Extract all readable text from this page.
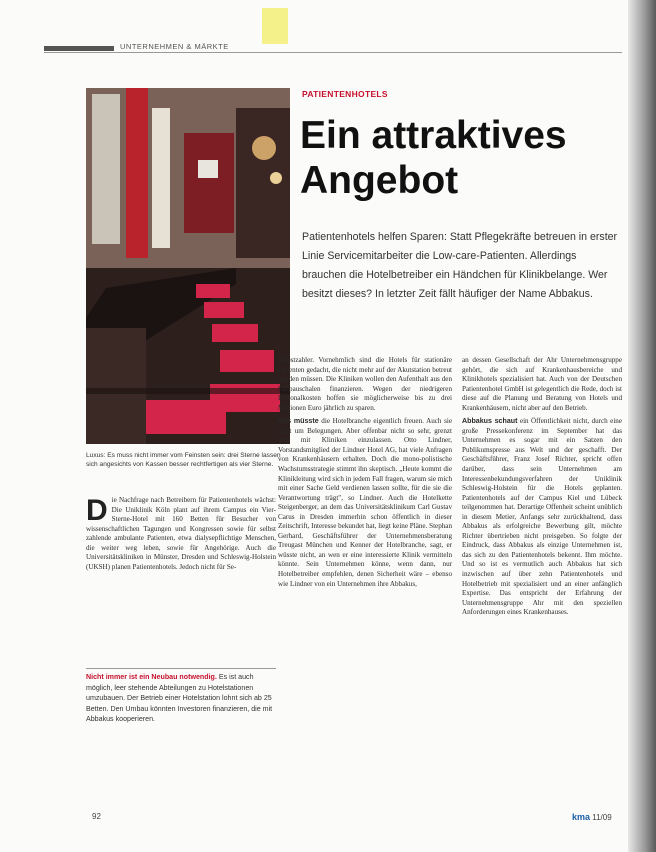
UNTERNEHMEN & MÄRKTE
Luxus: Es muss nicht immer vom Feinsten sein: drei Sterne lassen sich angesichts von Kassen besser rechtfertigen als vier Sterne.
PATIENTENHOTELS
Ein attraktives
Angebot
Patientenhotels helfen Sparen: Statt Pflegekräfte betreuen in erster Linie Servicemitarbeiter die Low-care-Patienten. Allerdings brauchen die Hotelbetreiber ein Händchen für Klinikbelange. Wer besitzt dieses? In letzter Zeit fällt häufiger der Name Abbakus.

Die Nachfrage nach Betreibern für Patientenhotels wächst: Die Uniklinik Köln plant auf ihrem Campus ein Vier-Sterne-Hotel mit 160 Betten für Besucher von wissenschaftlichen Tagungen und Kongressen sowie für selbst zahlende ambulante Patienten, etwa dialysepflichtige Menschen, die weiter weg leben, sowie für Angehörige. Auch die Universitätskliniken in Münster, Dresden und Schleswig-Holstein (UKSH) planen Patientenhotels. Jedoch nicht für Se-

Selbstzahler. Vornehmlich sind die Hotels für stationäre Patienten gedacht, die nicht mehr auf der Akutstation betreut werden müssen. Die Kliniken wollen den Aufenthalt aus den Fallpauschalen finanzieren. Wegen der niedrigeren Personalkosten hoffen sie möglicherweise bis zu drei Millionen Euro jährlich zu sparen.

Das müsste die Hotelbranche eigentlich freuen. Auch sie ringt um Belegungen. Aber offenbar nicht so sehr, grenzt sich mit Kliniken einzulassen. Otto Lindner, Vorstandsmitglied der Lindner Hotel AG, hat viele Anfragen von Krankenhäusern erhalten. Doch die mono-polistische Wachstumsstrategie stimmt ihn skeptisch. „Heute kommt die Klinikleitung wird sich in jedem Fall fragen, warum sie mich mit einer Sache Geld verdienen lassen sollte, für die sie die Verantwortung trägt", so Lindner. Auch die Hotelkette Steigenberger, an dem das Universitätsklinikum Carl Gustav Carus in Dresden immerhin schon öffentlich in dieser Zeitschrift, Interesse bekundet hat, liegt keine Pläne. Stephan Gerhard, Geschäftsführer der Unternehmensberatung Treugast München und Kenner der Hotelbranche, sagt, er wüsste nicht, an wen er eine interessierte Klinik vermitteln könnte. Sein Unternehmen könne, wenn dann, nur Hotelbetreiber empfehlen, denen Sicherheit wäre – ebenso wie Lindner von ein Unternehmen ihre Abbakus,

an dessen Gesellschaft der Ahr Unternehmensgruppe gehört, die sich auf Krankenhausbereiche und Klinikhotels spezialisiert hat. Auch von der Deutschen Patientenhotel GmbH ist gelegentlich die Rede, doch ist diese auf die Planung und Beratung von Hotels und Krankenhäusern, nicht aber auf den Betrieb.

Abbakus schaut ein Öffentlichkeit nicht, durch eine große Pressekonferenz im September hat das Unternehmen es sogar mit ein Satzen den Publikumspresse aus Welt und der geschafft. Der Geschäftsführer, Franz Josef Richter, spricht offen darüber, dass sein Unternehmen am Interessenbekundungsverfahren der Uniklinik Schleswig-Holstein für die Hotels geplanten. Patientenhotels auf der Campus Kiel und Lübeck teilgenommen hat. Derartige Offenheit scheint unüblich in diesem Metier, Anfangs sehr zurückhaltend, dass Abbakus als erfolgreiche Bewerbung gilt, möchte Richter übertrieben nicht preisgeben. So folgte der Eindruck, dass Abbakus als einzige Unternehmen ist, das sich zu den Patientenhotels bekennt. Ihm möchte. Und so ist es vermutlich auch Abbakus hat sich inzwischen auf über zehn Patientenhotels und Hotelbetrieb mit spezialisiert und an einer anfänglich Expertise. Das entspricht der Erfahrung der Unternehmensgruppe Ahr mit den speziellen Anforderungen eines Krankenhauses.

Nicht immer ist ein Neubau notwendig. Es ist auch möglich, leer stehende Abteilungen zu Hotelstationen umzubauen. Der Betrieb einer Hotelstation lohnt sich ab 25 Betten. Den Umbau könnten Investoren finanzieren, die mit Abbakus kooperieren.
92	kma 11/09
